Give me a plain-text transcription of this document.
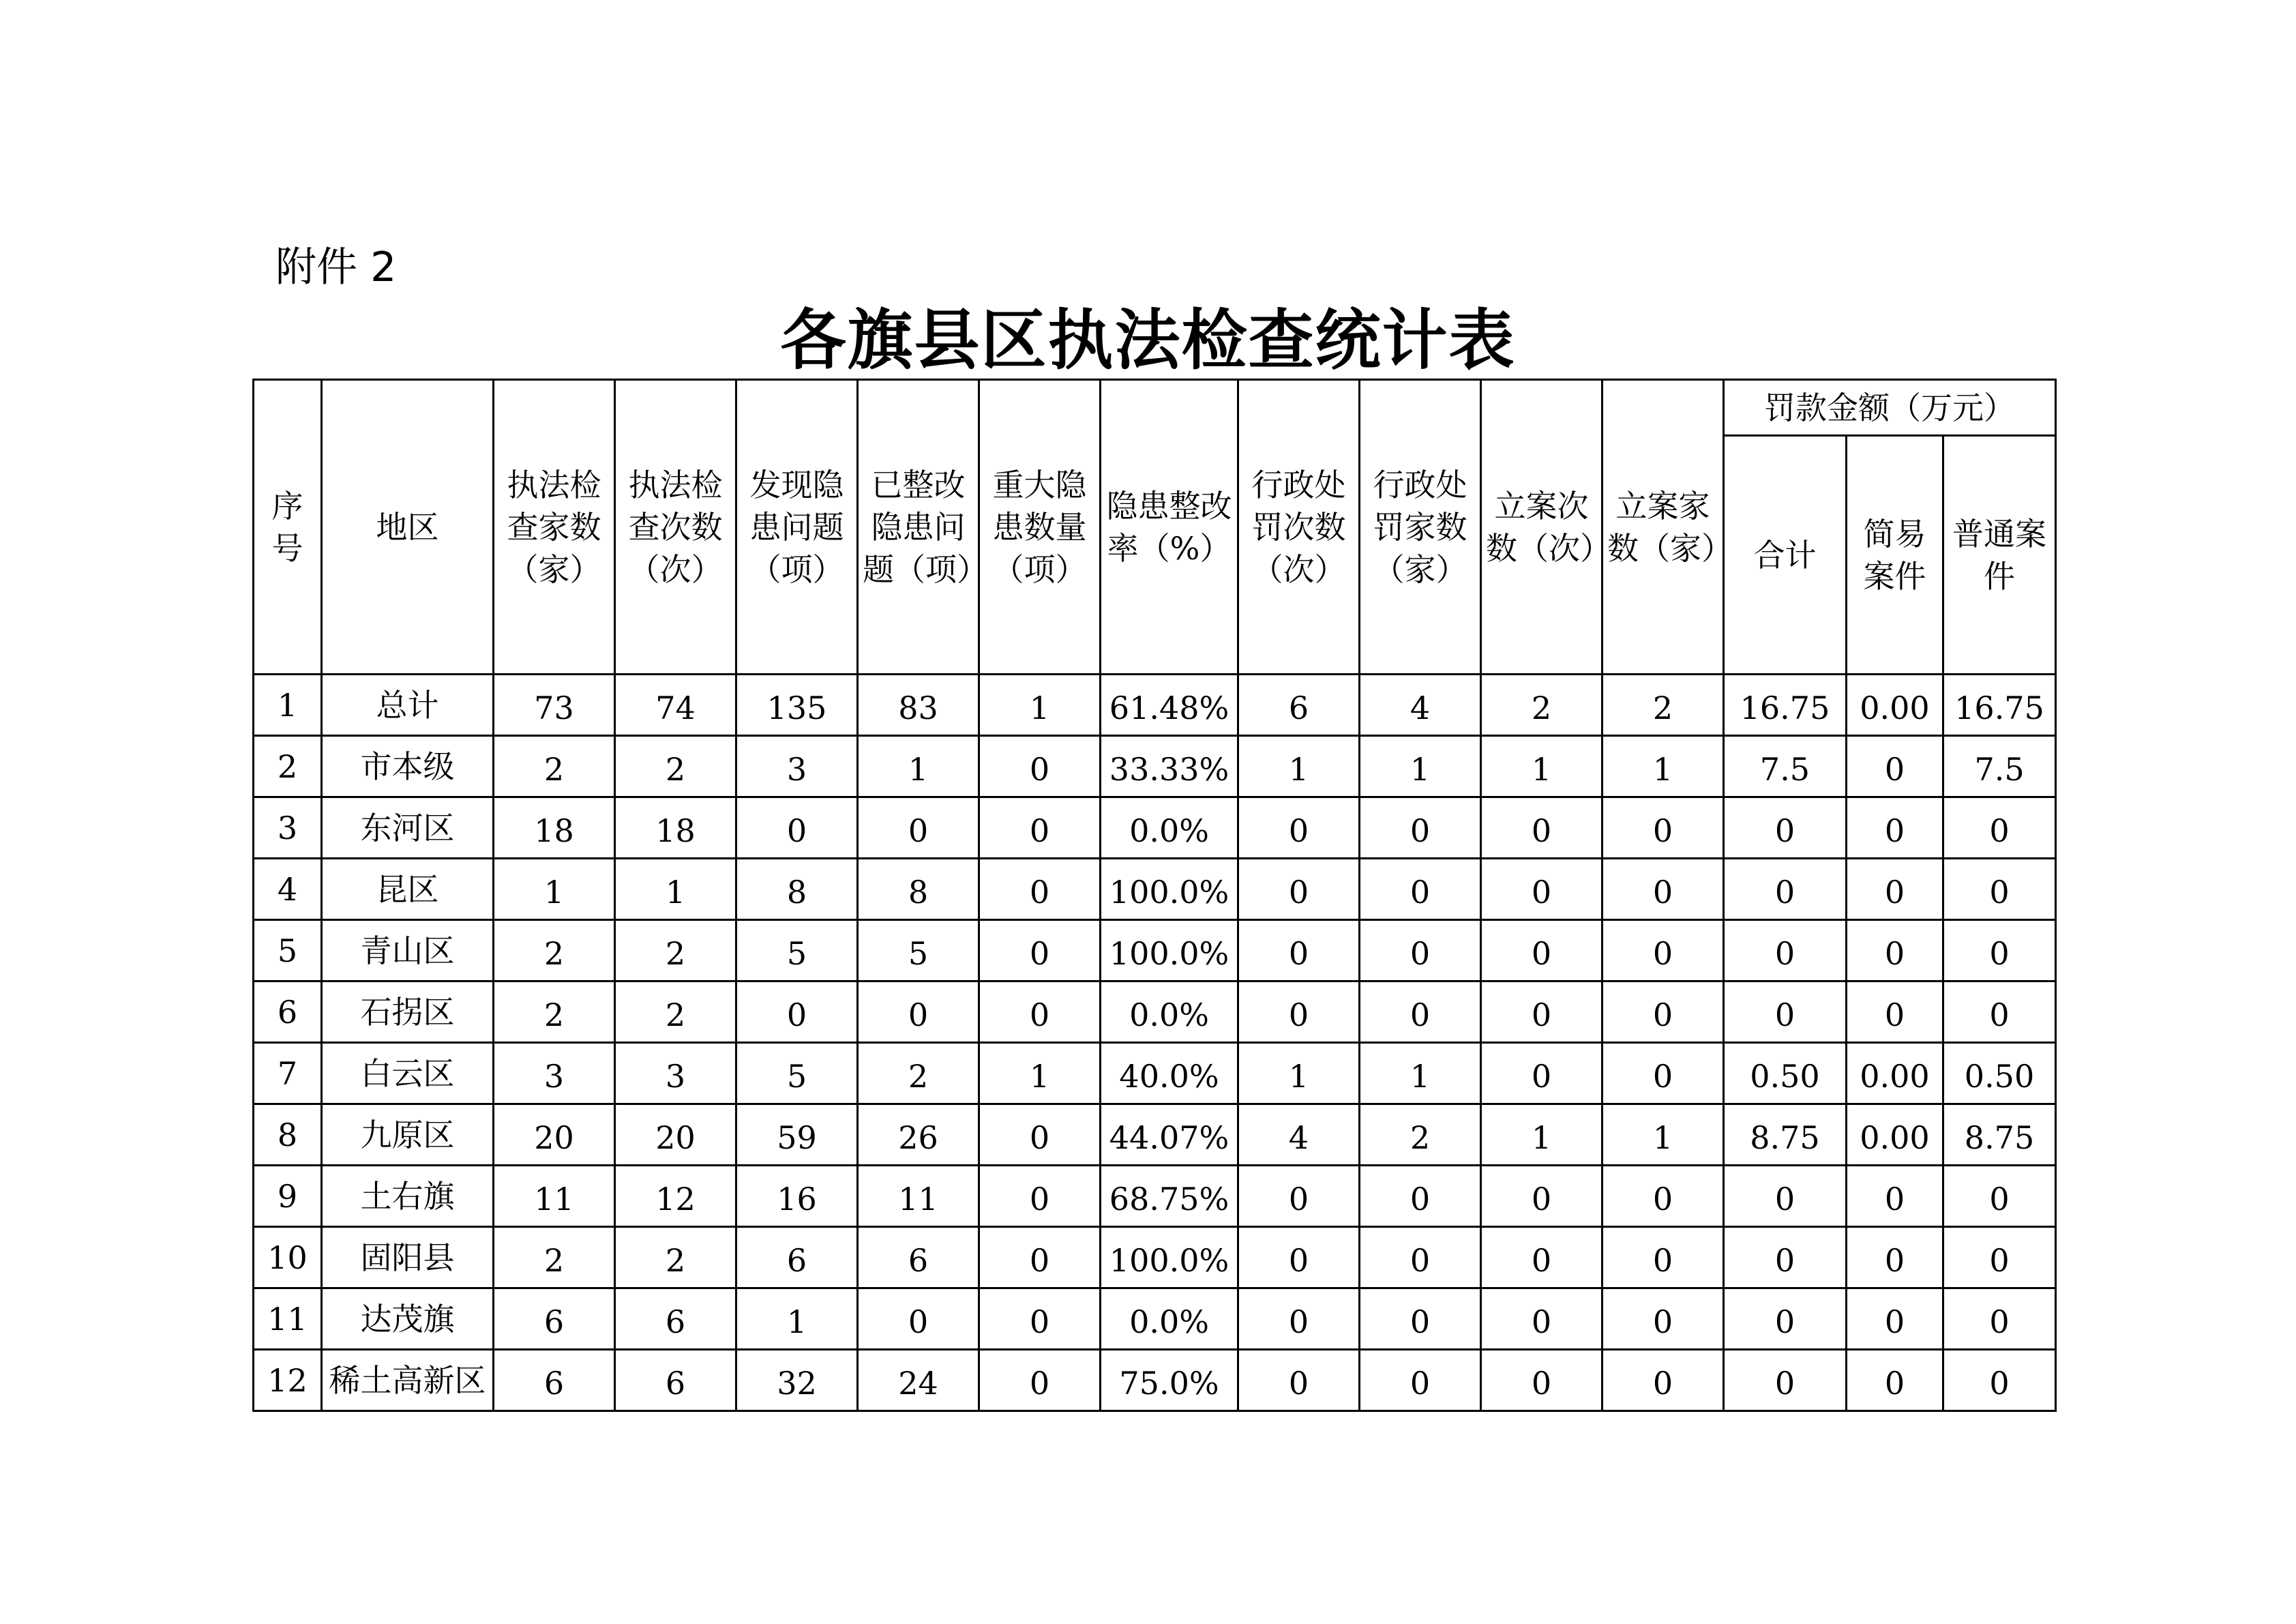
附件 2
各旗县区执法检查统计表
序号	地区	执法检查家数（家）	执法检查次数（次）	发现隐患问题（项）	已整改隐患问题（项）	重大隐患数量（项）	隐患整改率（%）	行政处罚次数（次）	行政处罚家数（家）	立案次数（次）	立案家数（家）	罚款金额（万元）		
												合计	简易案件	普通案件
1	总计	73	74	135	83	1	61.48%	6	4	2	2	16.75	0.00	16.75
2	市本级	2	2	3	1	0	33.33%	1	1	1	1	7.5	0	7.5
3	东河区	18	18	0	0	0	0.0%	0	0	0	0	0	0	0
4	昆区	1	1	8	8	0	100.0%	0	0	0	0	0	0	0
5	青山区	2	2	5	5	0	100.0%	0	0	0	0	0	0	0
6	石拐区	2	2	0	0	0	0.0%	0	0	0	0	0	0	0
7	白云区	3	3	5	2	1	40.0%	1	1	0	0	0.50	0.00	0.50
8	九原区	20	20	59	26	0	44.07%	4	2	1	1	8.75	0.00	8.75
9	土右旗	11	12	16	11	0	68.75%	0	0	0	0	0	0	0
10	固阳县	2	2	6	6	0	100.0%	0	0	0	0	0	0	0
11	达茂旗	6	6	1	0	0	0.0%	0	0	0	0	0	0	0
12	稀土高新区	6	6	32	24	0	75.0%	0	0	0	0	0	0	0
